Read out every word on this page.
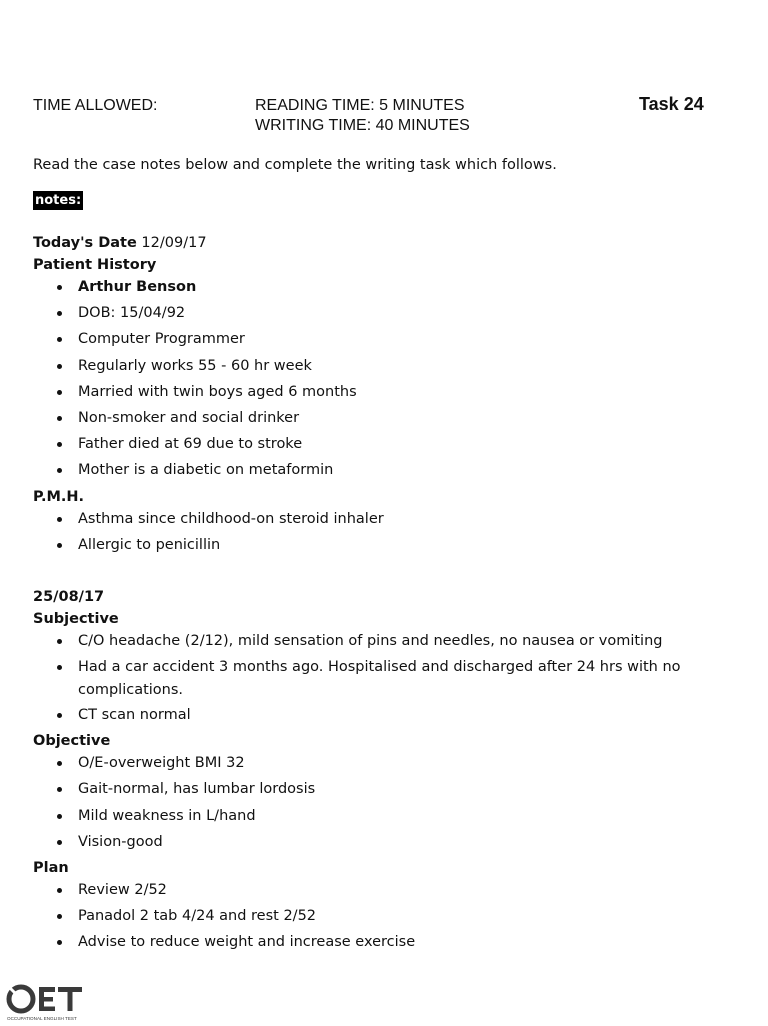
TIME ALLOWED:	READING TIME: 5 MINUTES
WRITING TIME: 40 MINUTES
Task 24
Read the case notes below and complete the writing task which follows.
notes:
Today's Date 12/09/17
Patient History
Arthur Benson
DOB: 15/04/92
Computer Programmer
Regularly works 55 - 60 hr week
Married with twin boys aged 6 months
Non-smoker and social drinker
Father died at 69 due to stroke
Mother is a diabetic on metaformin
P.M.H.
Asthma since childhood-on steroid inhaler
Allergic to penicillin
25/08/17
Subjective
C/O headache (2/12), mild sensation of pins and needles, no nausea or vomiting
Had a car accident 3 months ago. Hospitalised and discharged after 24 hrs with no
complications.
CT scan normal
Objective
O/E-overweight BMI 32
Gait-normal, has lumbar lordosis
Mild weakness in L/hand
Vision-good
Plan
Review 2/52
Panadol 2 tab 4/24 and rest 2/52
Advise to reduce weight and increase exercise
OCCUPATIONAL ENGLISH TEST
